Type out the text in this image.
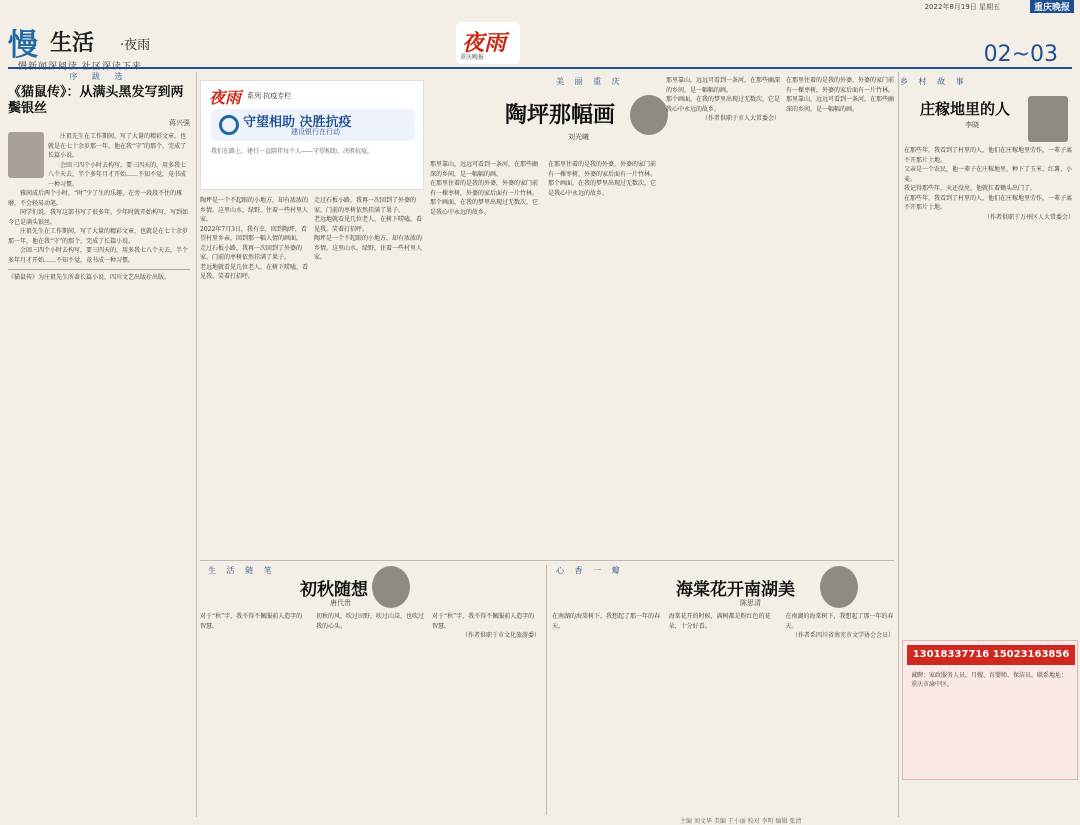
2022年8月19日 星期五	重庆晚报
慢 生活 ·夜雨	夜雨
重庆晚报	02~03
序 跋 选
《猫鼠传》：从满头黑发写到两鬓银丝
蒋兴强

庄祖先生在工作期间，写了大量的精彩文章，也就是在七十余岁那一年，他在我“守”的那个，完成了长篇小说。

会回三四个小时去构写，要三四天的，用多我七八个天去，半个多年月才开始……不知不觉，竟书成一种习惯。

雅间成后两个小时，“时”少了生的乐趣，在旁一段段不住的琢磨，不会轻易动笔。

同学们说，我写这部书写了很多年，少年时就开始构写，写到如今已是满头银丝。

庄祖先生在工作期间，写了大量的精彩文章，也就是在七十余岁那一年，他在我“守”的那个，完成了长篇小说。

会回三四个小时去构写，要三四天的，用多我七八个天去，半个多年月才开始……不知不觉，竟书成一种习惯。

《猫鼠传》为庄祖先生所著长篇小说，四川文艺出版社出版。
夜雨 系列 抗疫专栏
守望相助 决胜抗疫
建设银行在行动
我们在路上，建行一直陪伴每个人——守望相助，决胜抗疫。

陶坪是一个不起眼的小地方，却有浓浓的乡情。这里山水，绿野，住着一些村里人家。

2022年7月3日，我有幸，回到陶坪，看望村里乡亲，回到那一幅人情的画面。

走过石板小路，我再一次回到了外婆的家。门前的枣树依然挂满了果子。

老远地就看见几位老人，在树下唠嗑，看见我，笑着打招呼。

走过石板小路，我再一次回到了外婆的家。门前的枣树依然挂满了果子。

老远地就看见几位老人，在树下唠嗑，看见我，笑着打招呼。

陶坪是一个不起眼的小地方，却有浓浓的乡情。这里山水，绿野，住着一些村里人家。

美 丽 重 庆
陶坪那幅画
刘光曦

那里靠山，远远可看到一条河，在那些幽深的乡间，是一幅幅的画。

在那里住着的是我的外婆，外婆的家门前有一棵枣树，外婆的家后面有一片竹林。

那个画面，在我的梦里出现过无数次，它是我心中永远的故乡。

在那里住着的是我的外婆，外婆的家门前有一棵枣树，外婆的家后面有一片竹林。

那个画面，在我的梦里出现过无数次，它是我心中永远的故乡。

那里靠山，远远可看到一条河，在那些幽深的乡间，是一幅幅的画。

那个画面，在我的梦里出现过无数次，它是我心中永远的故乡。

（作者供职于市人大常委会）

在那里住着的是我的外婆，外婆的家门前有一棵枣树，外婆的家后面有一片竹林。

那里靠山，远远可看到一条河，在那些幽深的乡间，是一幅幅的画。

乡 村 故 事
庄稼地里的人
李晓

在那些年，我看到了村里的人，他们在庄稼地里劳作，一辈子离不开那片土地。

父亲是一个农民，他一辈子在庄稼地里，种下了玉米、红薯、小麦。

我记得那些年，天还没亮，他就扛着锄头出门了。

在那些年，我看到了村里的人，他们在庄稼地里劳作，一辈子离不开那片土地。

（作者供职于万州区人大常委会）

生 活 随 笔
初秋随想
唐代贵

对于“秋”字，我不得不佩服前人造字的智慧。

初秋的风，吹过田野，吹过山岗，也吹过我的心头。

对于“秋”字，我不得不佩服前人造字的智慧。

（作者供职于市文化旅游委）

心 香 一 瓣
海棠花开南湖美
陈思清

在南湖的海棠树下，我想起了那一年的春天。

海棠花开的时候，满树都是粉红色的花朵，十分好看。

在南湖的海棠树下，我想起了那一年的春天。

（作者系四川省南充市文学协会会员）

13018337716 15023163856
诚聘：家政服务人员，月嫂、育婴师、保洁员。联系地址：重庆市渝中区。
主编 刘文华 美编 王小丽 校对 李明 编辑 张清
